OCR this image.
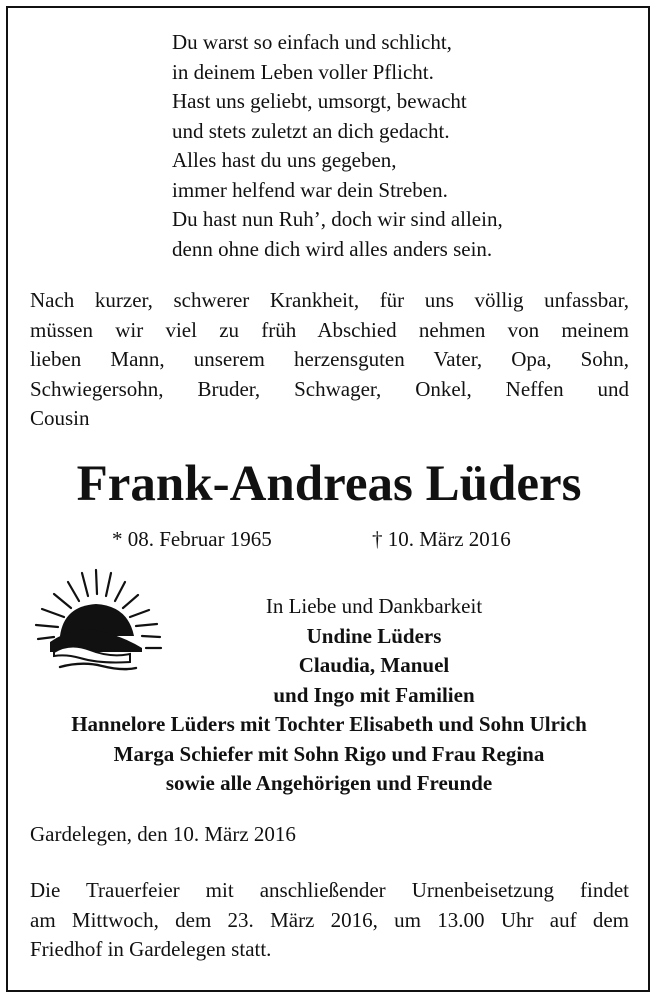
Du warst so einfach und schlicht,
in deinem Leben voller Pflicht.
Hast uns geliebt, umsorgt, bewacht
und stets zuletzt an dich gedacht.
Alles hast du uns gegeben,
immer helfend war dein Streben.
Du hast nun Ruh’, doch wir sind allein,
denn ohne dich wird alles anders sein.
Nach kurzer, schwerer Krankheit, für uns völlig unfassbar,
müssen wir viel zu früh Abschied nehmen von meinem
lieben Mann, unserem herzensguten Vater, Opa, Sohn,
Schwiegersohn, Bruder, Schwager, Onkel, Neffen und
Cousin
Frank-Andreas Lüders
* 08. Februar 1965	† 10. März 2016
In Liebe und Dankbarkeit
Undine Lüders
Claudia, Manuel
und Ingo mit Familien
Hannelore Lüders mit Tochter Elisabeth und Sohn Ulrich
Marga Schiefer mit Sohn Rigo und Frau Regina
sowie alle Angehörigen und Freunde
Gardelegen, den 10. März 2016
Die Trauerfeier mit anschließender Urnenbeisetzung findet
am Mittwoch, dem 23. März 2016, um 13.00 Uhr auf dem
Friedhof in Gardelegen statt.
